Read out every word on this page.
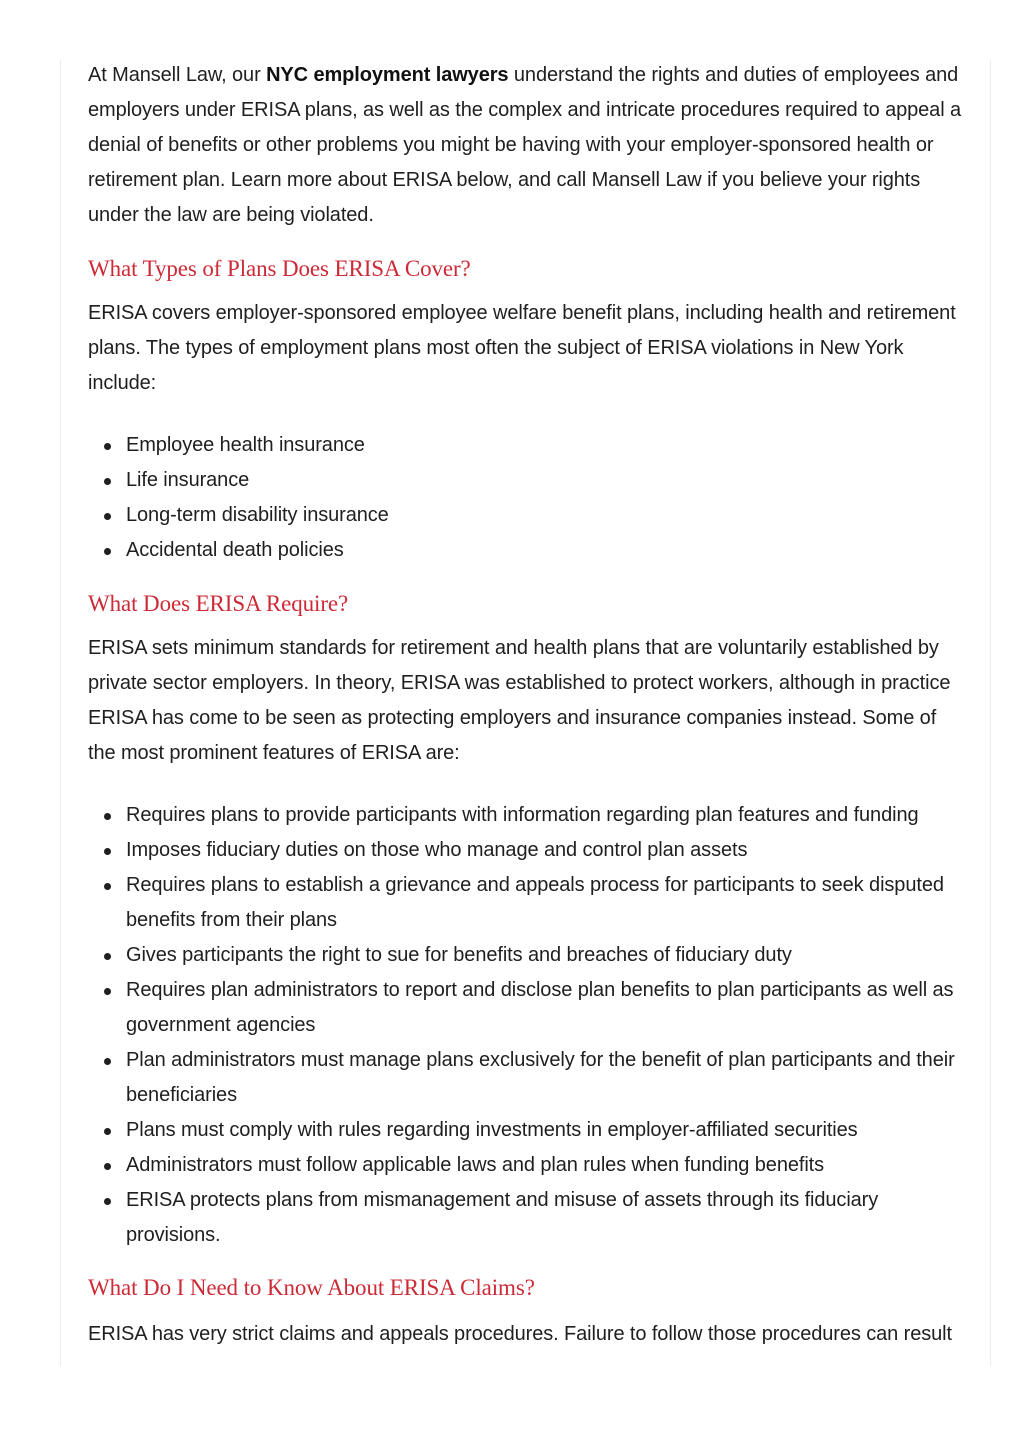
At Mansell Law, our NYC employment lawyers understand the rights and duties of employees and employers under ERISA plans, as well as the complex and intricate procedures required to appeal a denial of benefits or other problems you might be having with your employer-sponsored health or retirement plan. Learn more about ERISA below, and call Mansell Law if you believe your rights under the law are being violated.

What Types of Plans Does ERISA Cover?

ERISA covers employer-sponsored employee welfare benefit plans, including health and retirement plans. The types of employment plans most often the subject of ERISA violations in New York include:

Employee health insurance
Life insurance
Long-term disability insurance
Accidental death policies
What Does ERISA Require?

ERISA sets minimum standards for retirement and health plans that are voluntarily established by private sector employers. In theory, ERISA was established to protect workers, although in practice ERISA has come to be seen as protecting employers and insurance companies instead. Some of the most prominent features of ERISA are:

Requires plans to provide participants with information regarding plan features and funding
Imposes fiduciary duties on those who manage and control plan assets
Requires plans to establish a grievance and appeals process for participants to seek disputed benefits from their plans
Gives participants the right to sue for benefits and breaches of fiduciary duty
Requires plan administrators to report and disclose plan benefits to plan participants as well as government agencies
Plan administrators must manage plans exclusively for the benefit of plan participants and their beneficiaries
Plans must comply with rules regarding investments in employer-affiliated securities
Administrators must follow applicable laws and plan rules when funding benefits
ERISA protects plans from mismanagement and misuse of assets through its fiduciary provisions.
What Do I Need to Know About ERISA Claims?

ERISA has very strict claims and appeals procedures. Failure to follow those procedures can result
